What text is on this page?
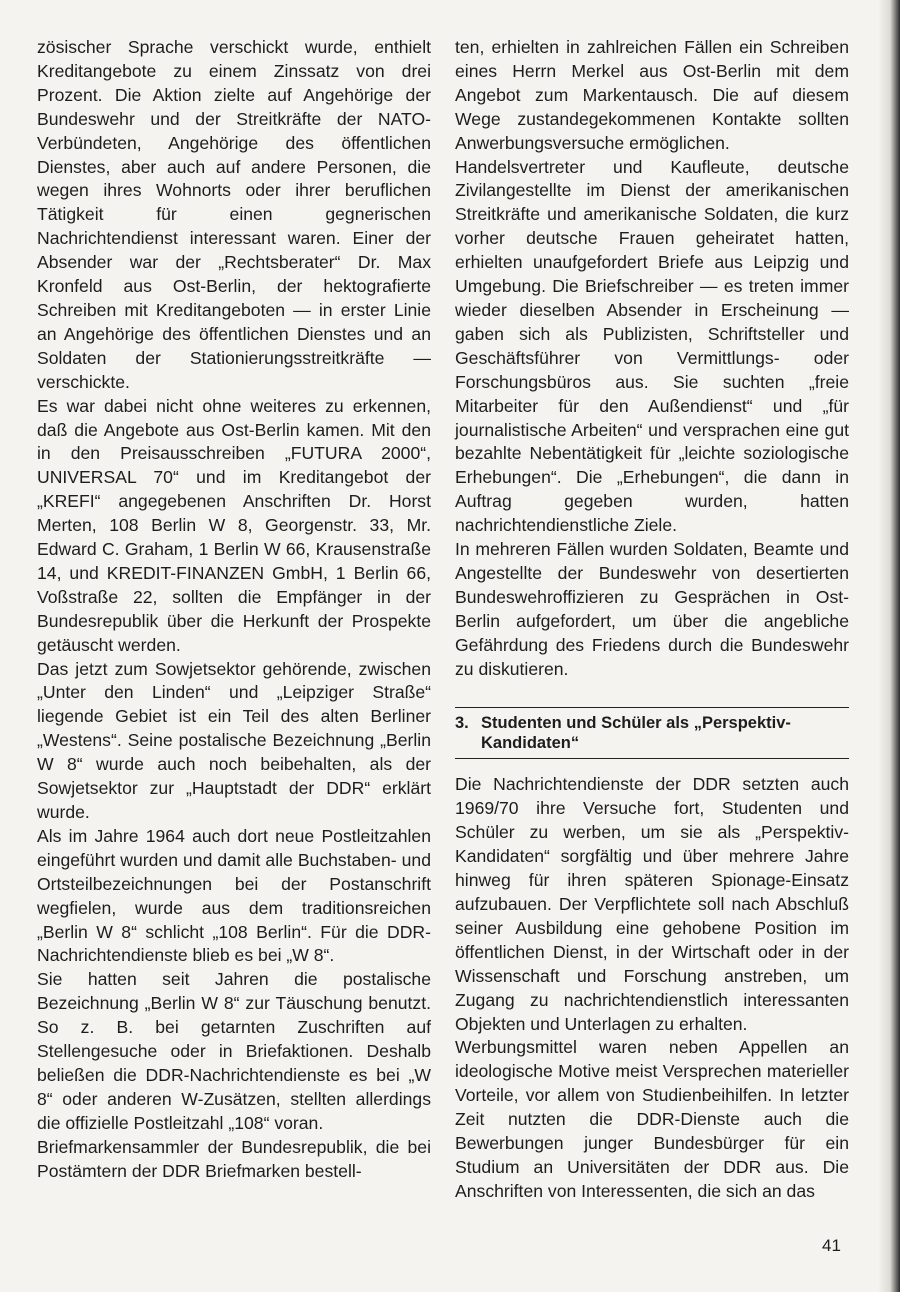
zösischer Sprache verschickt wurde, enthielt Kreditangebote zu einem Zinssatz von drei Prozent. Die Aktion zielte auf Angehörige der Bundeswehr und der Streitkräfte der NATO-Verbündeten, Angehörige des öffentlichen Dienstes, aber auch auf andere Personen, die wegen ihres Wohnorts oder ihrer beruflichen Tätigkeit für einen gegnerischen Nachrichtendienst interessant waren. Einer der Absender war der „Rechtsberater“ Dr. Max Kronfeld aus Ost-Berlin, der hektografierte Schreiben mit Kreditangeboten — in erster Linie an Angehörige des öffentlichen Dienstes und an Soldaten der Stationierungsstreitkräfte — verschickte.

Es war dabei nicht ohne weiteres zu erkennen, daß die Angebote aus Ost-Berlin kamen. Mit den in den Preisausschreiben „FUTURA 2000“, UNIVERSAL 70“ und im Kreditangebot der „KREFI“ angegebenen Anschriften Dr. Horst Merten, 108 Berlin W 8, Georgenstr. 33, Mr. Edward C. Graham, 1 Berlin W 66, Krausenstraße 14, und KREDIT-FINANZEN GmbH, 1 Berlin 66, Voßstraße 22, sollten die Empfänger in der Bundesrepublik über die Herkunft der Prospekte getäuscht werden.

Das jetzt zum Sowjetsektor gehörende, zwischen „Unter den Linden“ und „Leipziger Straße“ liegende Gebiet ist ein Teil des alten Berliner „Westens“. Seine postalische Bezeichnung „Berlin W 8“ wurde auch noch beibehalten, als der Sowjetsektor zur „Hauptstadt der DDR“ erklärt wurde.

Als im Jahre 1964 auch dort neue Postleitzahlen eingeführt wurden und damit alle Buchstaben- und Ortsteilbezeichnungen bei der Postanschrift wegfielen, wurde aus dem traditionsreichen „Berlin W 8“ schlicht „108 Berlin“. Für die DDR-Nachrichtendienste blieb es bei „W 8“.

Sie hatten seit Jahren die postalische Bezeichnung „Berlin W 8“ zur Täuschung benutzt. So z. B. bei getarnten Zuschriften auf Stellengesuche oder in Briefaktionen. Deshalb beließen die DDR-Nachrichtendienste es bei „W 8“ oder anderen W-Zusätzen, stellten allerdings die offizielle Postleitzahl „108“ voran.

Briefmarkensammler der Bundesrepublik, die bei Postämtern der DDR Briefmarken bestell-

ten, erhielten in zahlreichen Fällen ein Schreiben eines Herrn Merkel aus Ost-Berlin mit dem Angebot zum Markentausch. Die auf diesem Wege zustandegekommenen Kontakte sollten Anwerbungsversuche ermöglichen.

Handelsvertreter und Kaufleute, deutsche Zivilangestellte im Dienst der amerikanischen Streitkräfte und amerikanische Soldaten, die kurz vorher deutsche Frauen geheiratet hatten, erhielten unaufgefordert Briefe aus Leipzig und Umgebung. Die Briefschreiber — es treten immer wieder dieselben Absender in Erscheinung — gaben sich als Publizisten, Schriftsteller und Geschäftsführer von Vermittlungs- oder Forschungsbüros aus. Sie suchten „freie Mitarbeiter für den Außendienst“ und „für journalistische Arbeiten“ und versprachen eine gut bezahlte Nebentätigkeit für „leichte soziologische Erhebungen“. Die „Erhebungen“, die dann in Auftrag gegeben wurden, hatten nachrichtendienstliche Ziele.

In mehreren Fällen wurden Soldaten, Beamte und Angestellte der Bundeswehr von desertierten Bundeswehroffizieren zu Gesprächen in Ost-Berlin aufgefordert, um über die angebliche Gefährdung des Friedens durch die Bundeswehr zu diskutieren.

3. Studenten und Schüler als „Perspektiv-Kandidaten“

Die Nachrichtendienste der DDR setzten auch 1969/70 ihre Versuche fort, Studenten und Schüler zu werben, um sie als „Perspektiv-Kandidaten“ sorgfältig und über mehrere Jahre hinweg für ihren späteren Spionage-Einsatz aufzubauen. Der Verpflichtete soll nach Abschluß seiner Ausbildung eine gehobene Position im öffentlichen Dienst, in der Wirtschaft oder in der Wissenschaft und Forschung anstreben, um Zugang zu nachrichtendienstlich interessanten Objekten und Unterlagen zu erhalten.

Werbungsmittel waren neben Appellen an ideologische Motive meist Versprechen materieller Vorteile, vor allem von Studienbeihilfen. In letzter Zeit nutzten die DDR-Dienste auch die Bewerbungen junger Bundesbürger für ein Studium an Universitäten der DDR aus. Die Anschriften von Interessenten, die sich an das

41
